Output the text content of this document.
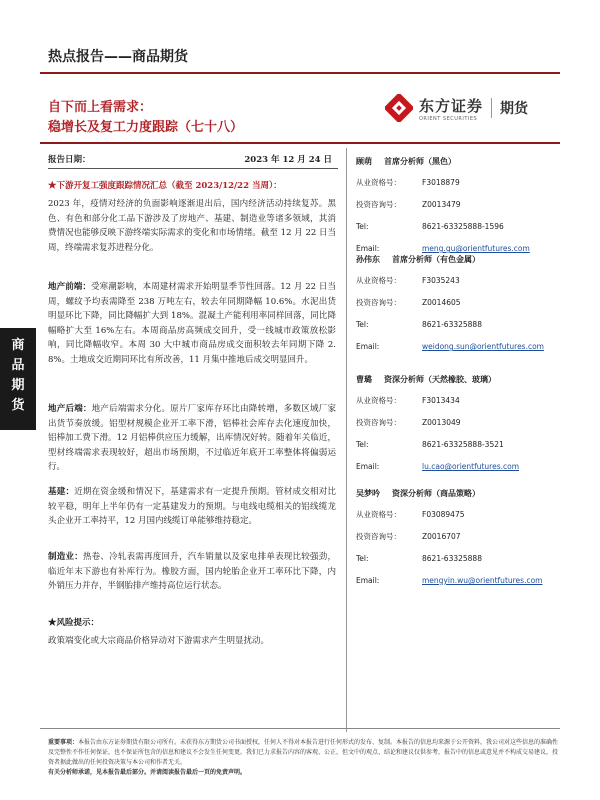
热点报告——商品期货
自下而上看需求：
稳增长及复工力度跟踪（七十八）
东方证券
ORIENT SECURITIES
期货
商
品
期
货
报告日期：	2023 年 12 月 24 日
★下游开复工强度跟踪情况汇总（截至 2023/12/22 当周）：
2023 年，疫情对经济的负面影响逐渐退出后，国内经济活动持续复苏。黑色、有色和部分化工品下游涉及了房地产、基建、制造业等诸多领域，其消费情况也能够反映下游终端实际需求的变化和市场情绪。截至 12 月 22 日当周，终端需求复苏进程分化。
地产前端：受寒潮影响，本周建材需求开始明显季节性回落。12 月 22 日当周，螺纹予均表需降至 238 万吨左右，较去年同期降幅 10.6%。水泥出货明显环比下降，同比降幅扩大到 18%。混凝土产能利用率同样回落，同比降幅略扩大至 16%左右。本周商品房高频成交回升，受一线城市政策放松影响，同比降幅收窄。本周 30 大中城市商品房成交面积较去年同期下降 2.8%。土地成交近期同环比有所改善，11 月集中推地后成交明显回升。
地产后端：地产后端需求分化。原片厂家库存环比由降转增，多数区域厂家出货节奏放缓。铝型材规模企业开工率下滑，铝棒社会库存去化速度加快，铝棒加工费下滑。12 月铝棒供应压力缓解，出库情况好转。随着年关临近，型材终端需求表现较好，超出市场预期，不过临近年底开工率整体将偏弱运行。
基建：近期在资金缓和情况下，基建需求有一定提升预期。管材成交相对比较平稳，明年上半年仍有一定基建发力的预期。与电线电缆相关的铝线缆龙头企业开工率持平，12 月国内线缆订单能够维持稳定。
制造业：热卷、冷轧表需再度回升，汽车销量以及家电排单表现比较强劲，临近年末下游也有补库行为。橡胶方面，国内轮胎企业开工率环比下降，内外销压力并存，半钢胎排产维持高位运行状态。
★风险提示：
政策端变化或大宗商品价格异动对下游需求产生明显扰动。
顾萌 首席分析师（黑色）
从业资格号：	F3018879
投资咨询号：	Z0013479
Tel:	8621-63325888-1596
Email:	meng.gu@orientfutures.com
孙伟东 首席分析师（有色金属）
从业资格号：	F3035243
投资咨询号：	Z0014605
Tel:	8621-63325888
Email:	weidong.sun@orientfutures.com
曹璐 资深分析师（天然橡胶、玻璃）
从业资格号：	F3013434
投资咨询号：	Z0013049
Tel:	8621-63325888-3521
Email:	lu.cao@orientfutures.com
吴梦吟 资深分析师（商品策略）
从业资格号：	F03089475
投资咨询号：	Z0016707
Tel:	8621-63325888
Email:	mengyin.wu@orientfutures.com
重要事项：本报告由东方证券期货有限公司所有。未获得东方期货公司书面授权，任何人不得对本报告进行任何形式的发布、复制。本报告的信息均来源于公开资料，我公司对这些信息的准确性及完整性不作任何保证，也不保证所包含的信息和建议不会发生任何变更。我们已力求报告内容的客观、公正，但文中的观点、结论和建议仅供参考，报告中的信息或意见并不构成交易建议，投资者据此做出的任何投资决策与本公司和作者无关。
有关分析师承诺，见本报告最后部分。并请阅读报告最后一页的免责声明。
